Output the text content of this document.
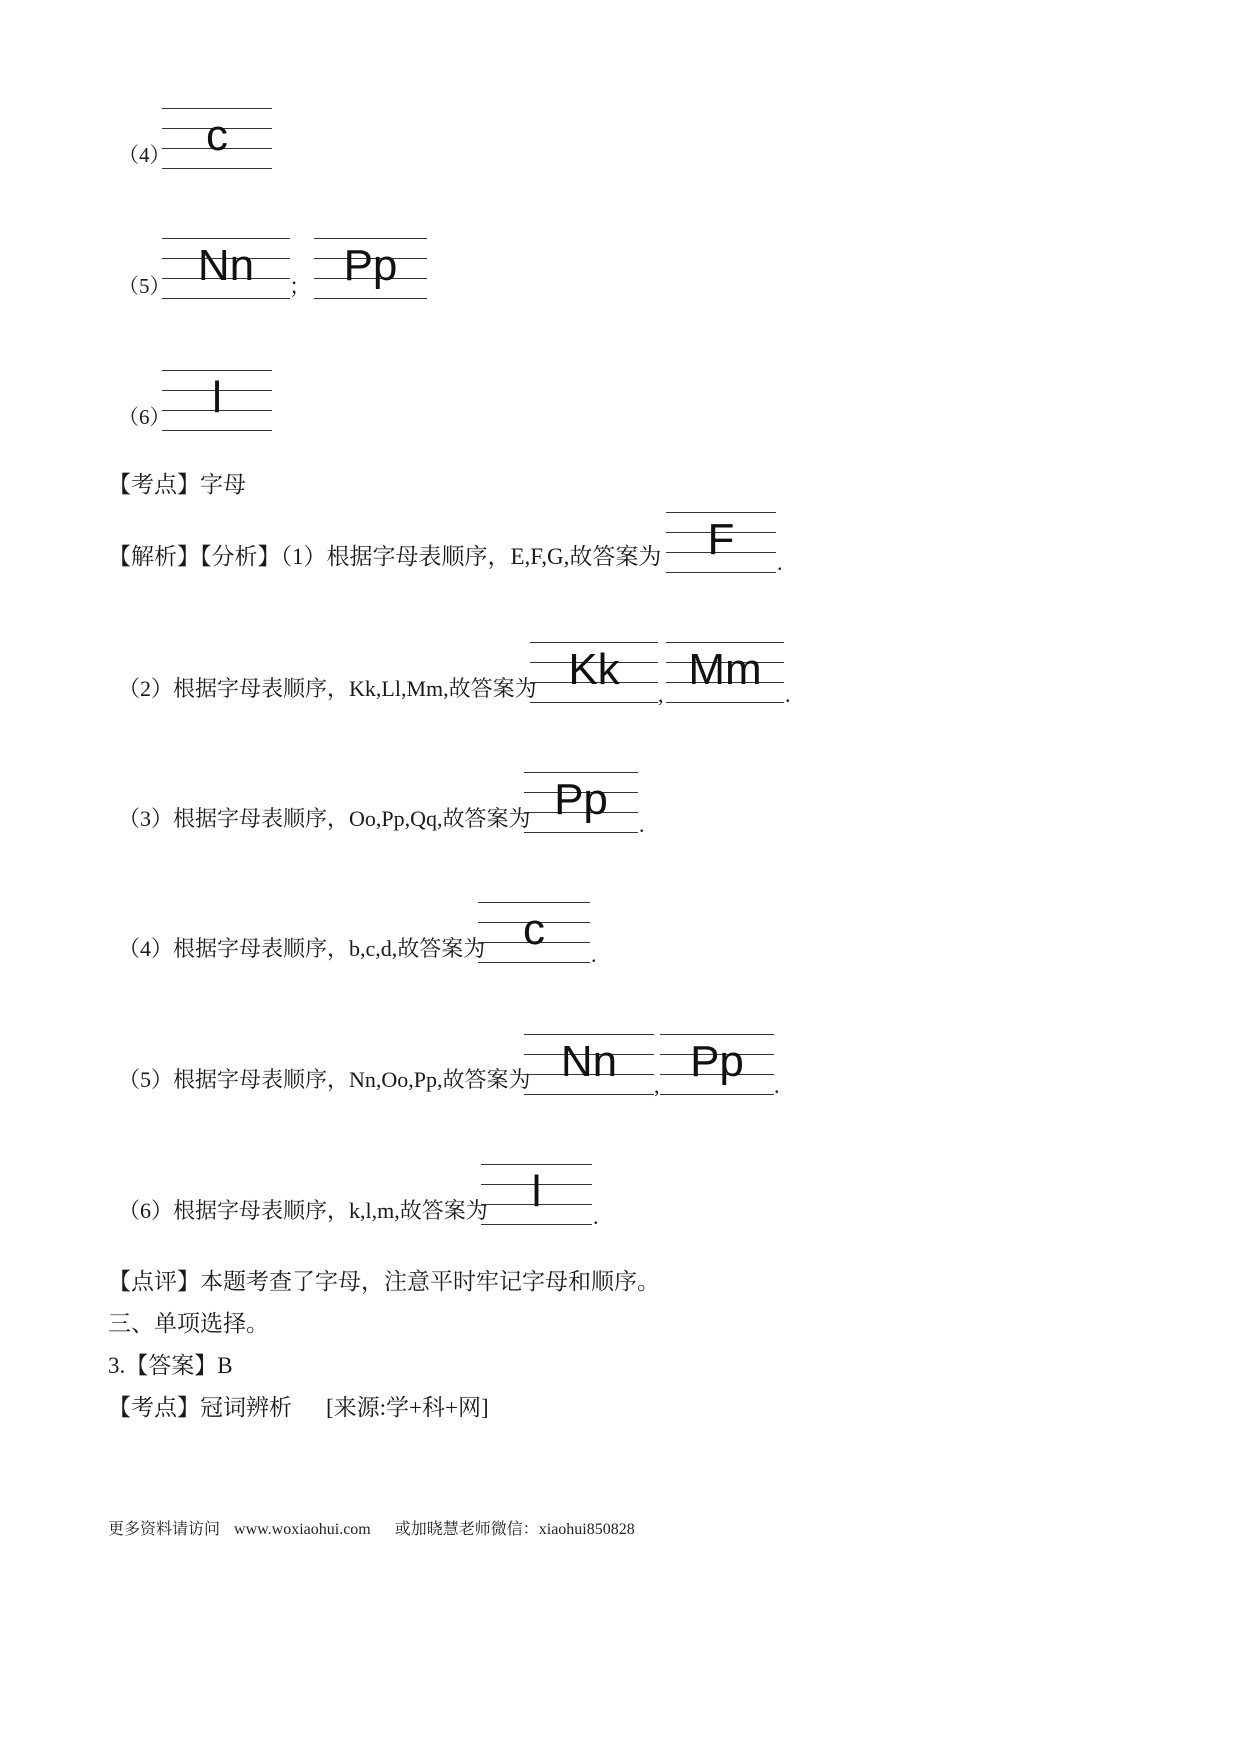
（4） c
（5） Nn	； Pp
（6） l
【考点】字母
【解析】【分析】（1）根据字母表顺序，E,F,G,故答案为	F	.
（2）根据字母表顺序，Kk,Ll,Mm,故答案为 Kk
,
Mm
.
（3）根据字母表顺序，Oo,Pp,Qq,故答案为 Pp
.
（4）根据字母表顺序，b,c,d,故答案为 c
.
（5）根据字母表顺序，Nn,Oo,Pp,故答案为 Nn	, Pp	.
（6）根据字母表顺序，k,l,m,故答案为 l
.
【点评】本题考查了字母，注意平时牢记字母和顺序。
三、单项选择。
3.【答案】B
【考点】冠词辨析 [来源:学+科+网]
更多资料请访问 www.woxiaohui.com 或加晓慧老师微信：xiaohui850828
